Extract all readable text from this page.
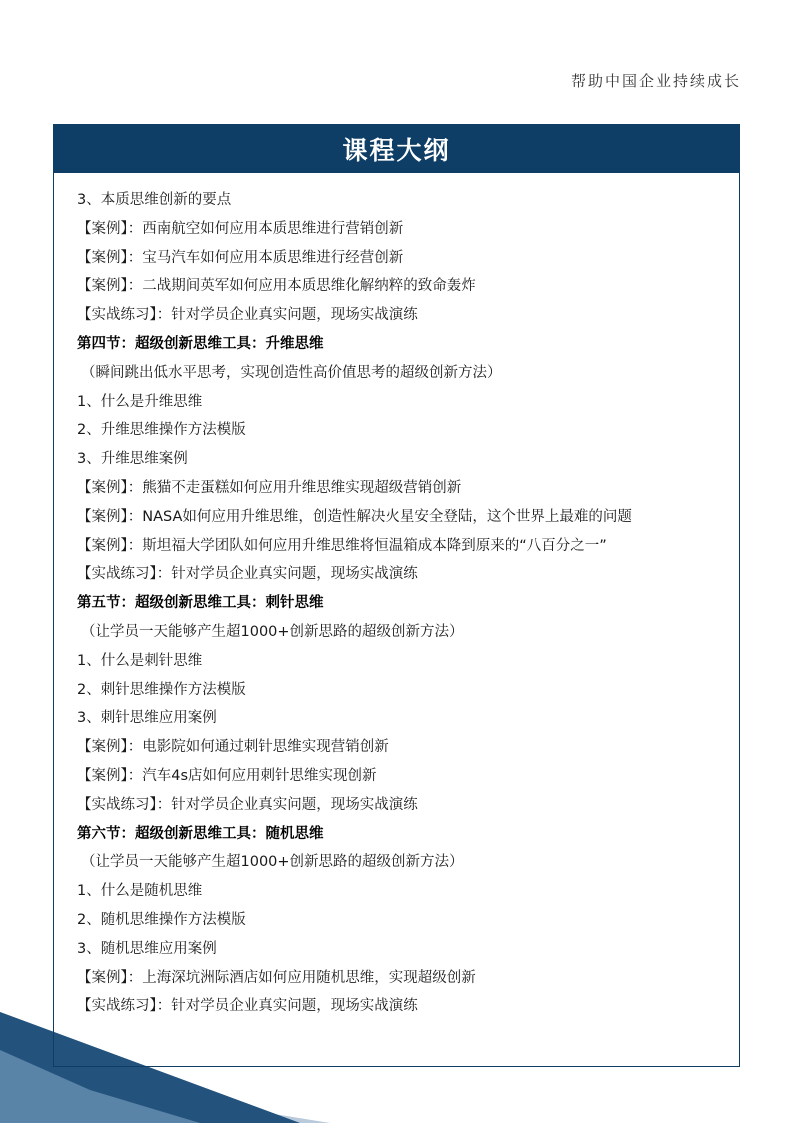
帮助中国企业持续成长
课程大纲
3、本质思维创新的要点
【案例】：西南航空如何应用本质思维进行营销创新
【案例】：宝马汽车如何应用本质思维进行经营创新
【案例】：二战期间英军如何应用本质思维化解纳粹的致命轰炸
【实战练习】：针对学员企业真实问题，现场实战演练
第四节：超级创新思维工具：升维思维
（瞬间跳出低水平思考，实现创造性高价值思考的超级创新方法）
1、什么是升维思维
2、升维思维操作方法模版
3、升维思维案例
【案例】：熊猫不走蛋糕如何应用升维思维实现超级营销创新
【案例】：NASA如何应用升维思维，创造性解决火星安全登陆，这个世界上最难的问题
【案例】：斯坦福大学团队如何应用升维思维将恒温箱成本降到原来的“八百分之一”
【实战练习】：针对学员企业真实问题，现场实战演练
第五节：超级创新思维工具：刺针思维
（让学员一天能够产生超1000+创新思路的超级创新方法）
1、什么是刺针思维
2、刺针思维操作方法模版
3、刺针思维应用案例
【案例】：电影院如何通过刺针思维实现营销创新
【案例】：汽车4s店如何应用刺针思维实现创新
【实战练习】：针对学员企业真实问题，现场实战演练
第六节：超级创新思维工具：随机思维
（让学员一天能够产生超1000+创新思路的超级创新方法）
1、什么是随机思维
2、随机思维操作方法模版
3、随机思维应用案例
【案例】：上海深坑洲际酒店如何应用随机思维，实现超级创新
【实战练习】：针对学员企业真实问题，现场实战演练
